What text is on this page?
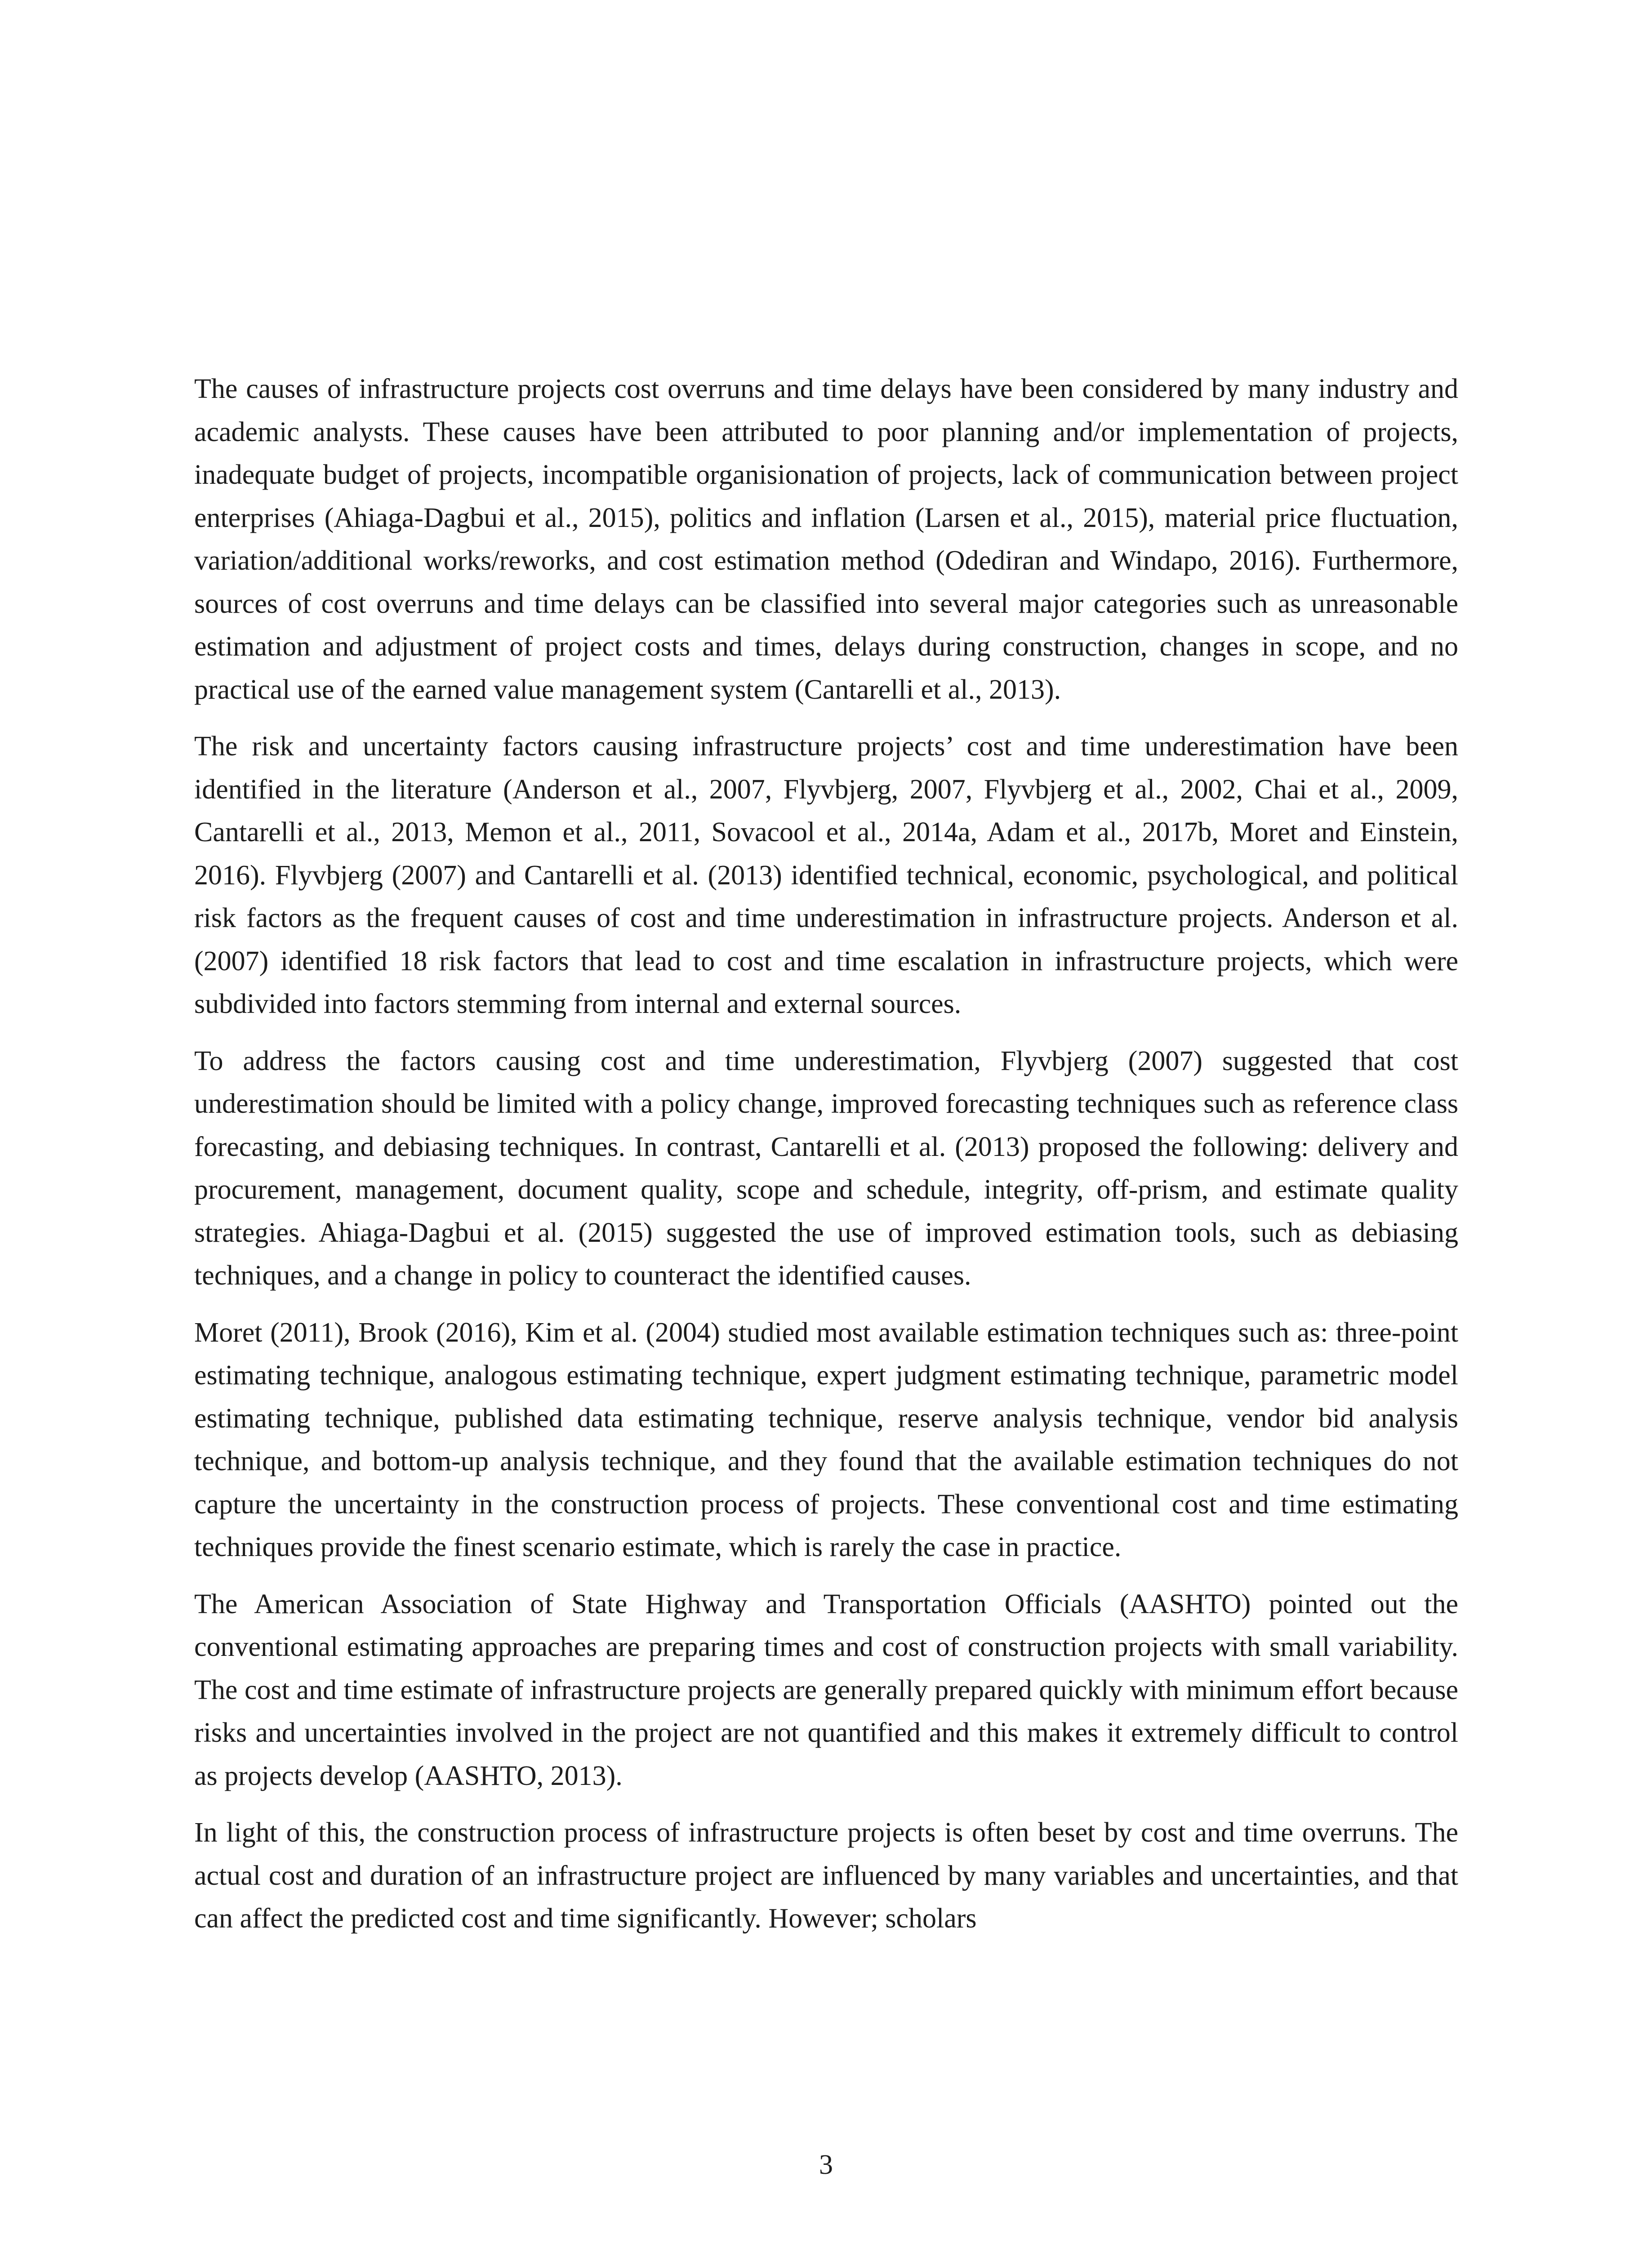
The causes of infrastructure projects cost overruns and time delays have been considered by many industry and academic analysts. These causes have been attributed to poor planning and/or implementation of projects, inadequate budget of projects, incompatible organisionation of projects, lack of communication between project enterprises (Ahiaga-Dagbui et al., 2015), politics and inflation (Larsen et al., 2015), material price fluctuation, variation/additional works/reworks, and cost estimation method (Odediran and Windapo, 2016). Furthermore, sources of cost overruns and time delays can be classified into several major categories such as unreasonable estimation and adjustment of project costs and times, delays during construction, changes in scope, and no practical use of the earned value management system (Cantarelli et al., 2013).

The risk and uncertainty factors causing infrastructure projects’ cost and time underestimation have been identified in the literature (Anderson et al., 2007, Flyvbjerg, 2007, Flyvbjerg et al., 2002, Chai et al., 2009, Cantarelli et al., 2013, Memon et al., 2011, Sovacool et al., 2014a, Adam et al., 2017b, Moret and Einstein, 2016). Flyvbjerg (2007) and Cantarelli et al. (2013) identified technical, economic, psychological, and political risk factors as the frequent causes of cost and time underestimation in infrastructure projects. Anderson et al. (2007) identified 18 risk factors that lead to cost and time escalation in infrastructure projects, which were subdivided into factors stemming from internal and external sources.

To address the factors causing cost and time underestimation, Flyvbjerg (2007) suggested that cost underestimation should be limited with a policy change, improved forecasting techniques such as reference class forecasting, and debiasing techniques. In contrast, Cantarelli et al. (2013) proposed the following: delivery and procurement, management, document quality, scope and schedule, integrity, off-prism, and estimate quality strategies. Ahiaga-Dagbui et al. (2015) suggested the use of improved estimation tools, such as debiasing techniques, and a change in policy to counteract the identified causes.

Moret (2011), Brook (2016), Kim et al. (2004) studied most available estimation techniques such as: three-point estimating technique, analogous estimating technique, expert judgment estimating technique, parametric model estimating technique, published data estimating technique, reserve analysis technique, vendor bid analysis technique, and bottom-up analysis technique, and they found that the available estimation techniques do not capture the uncertainty in the construction process of projects. These conventional cost and time estimating techniques provide the finest scenario estimate, which is rarely the case in practice.

The American Association of State Highway and Transportation Officials (AASHTO) pointed out the conventional estimating approaches are preparing times and cost of construction projects with small variability. The cost and time estimate of infrastructure projects are generally prepared quickly with minimum effort because risks and uncertainties involved in the project are not quantified and this makes it extremely difficult to control as projects develop (AASHTO, 2013).

In light of this, the construction process of infrastructure projects is often beset by cost and time overruns. The actual cost and duration of an infrastructure project are influenced by many variables and uncertainties, and that can affect the predicted cost and time significantly. However; scholars

3
